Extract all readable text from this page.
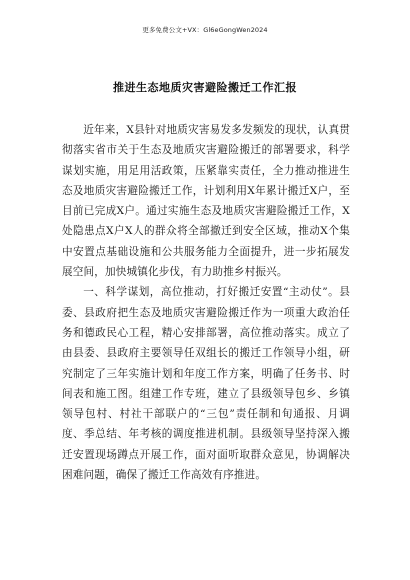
更多免费公文+VX：Gl6eGongWen2024
推进生态地质灾害避险搬迁工作汇报

近年来，X县针对地质灾害易发多发频发的现状，认真贯彻落实省市关于生态及地质灾害避险搬迁的部署要求，科学谋划实施，用足用活政策，压紧靠实责任，全力推动推进生态及地质灾害避险搬迁工作，计划利用X年累计搬迁X户，至目前已完成X户。通过实施生态及地质灾害避险搬迁工作，X处隐患点X户X人的群众将全部撤迁到安全区域，推动X个集中安置点基础设施和公共服务能力全面提升，进一步拓展发展空间，加快城镇化步伐，有力助推乡村振兴。

一、科学谋划，高位推动，打好搬迁安置“主动仗”。县委、县政府把生态及地质灾害避险搬迁作为一项重大政治任务和德政民心工程，精心安排部署，高位推动落实。成立了由县委、县政府主要领导任双组长的搬迁工作领导小组，研究制定了三年实施计划和年度工作方案，明确了任务书、时间表和施工图。组建工作专班，建立了县级领导包乡、乡镇领导包村、村社干部联户的“三包”责任制和旬通报、月调度、季总结、年考核的调度推进机制。县级领导坚持深入搬迁安置现场蹲点开展工作，面对面听取群众意见，协调解决困难问题，确保了搬迁工作高效有序推进。
